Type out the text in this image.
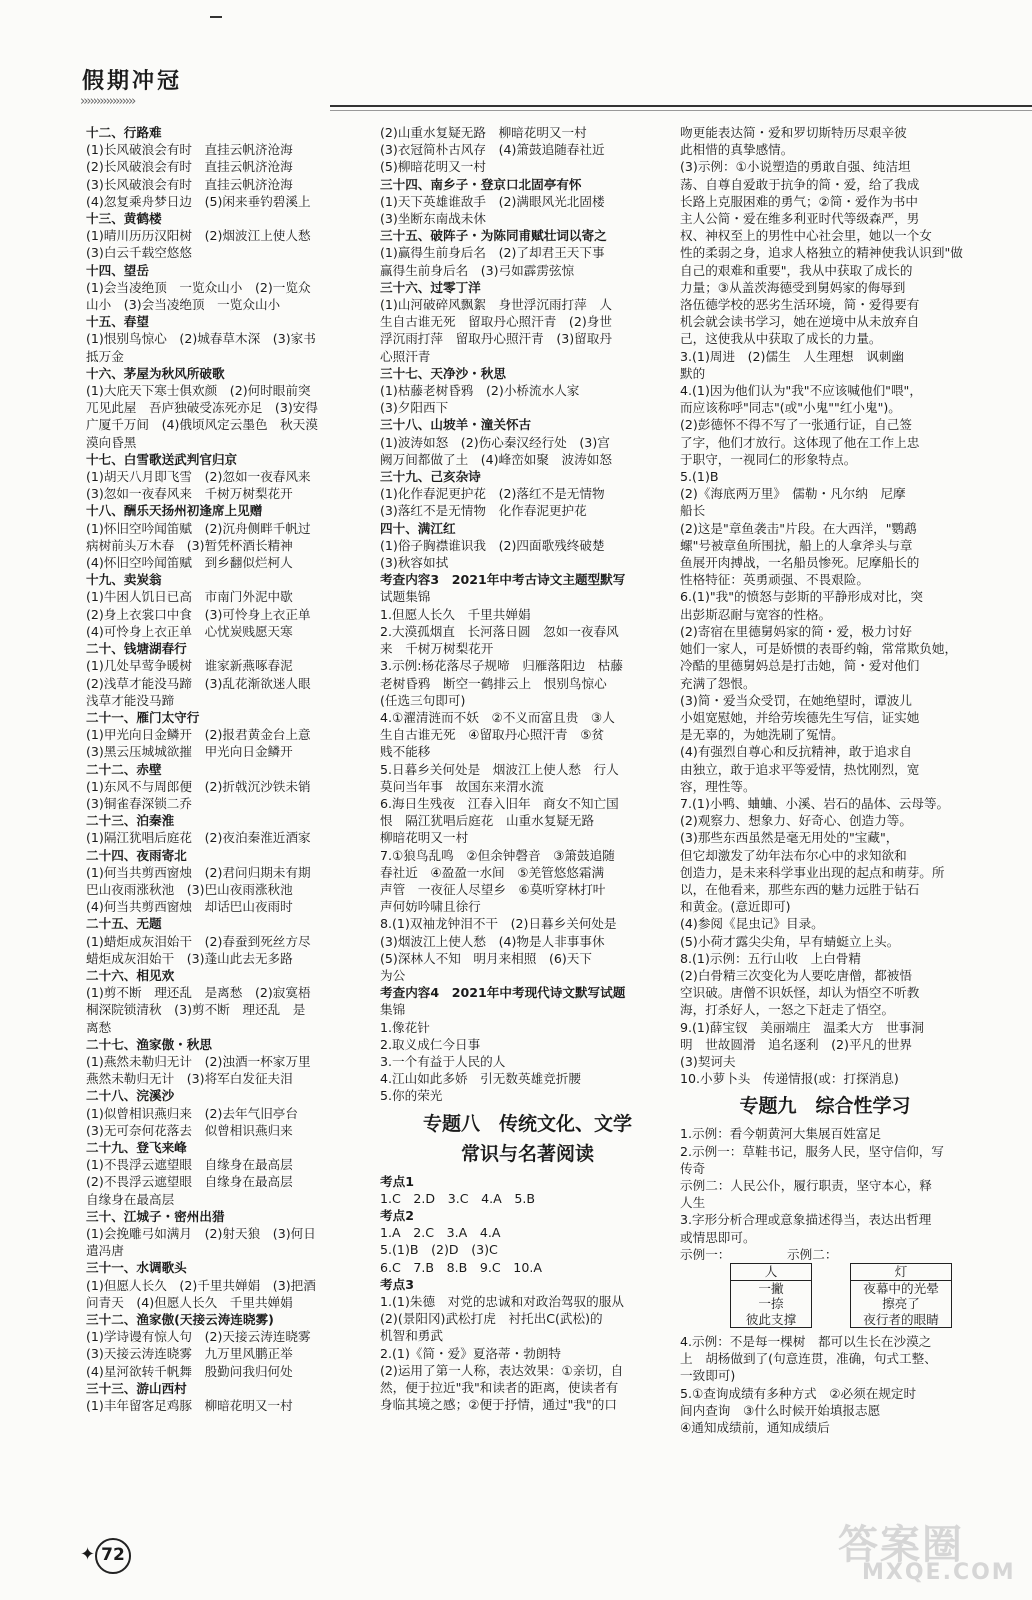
假期冲冠
›››››››››››››››››
十二、行路难
(1)长风破浪会有时　直挂云帆济沧海
(2)长风破浪会有时　直挂云帆济沧海
(3)长风破浪会有时　直挂云帆济沧海
(4)忽复乘舟梦日边　(5)闲来垂钓碧溪上
十三、黄鹤楼
(1)晴川历历汉阳树　(2)烟波江上使人愁
(3)白云千载空悠悠
十四、望岳
(1)会当凌绝顶　一览众山小　(2)一览众
山小　(3)会当凌绝顶　一览众山小
十五、春望
(1)恨别鸟惊心　(2)城春草木深　(3)家书
抵万金
十六、茅屋为秋风所破歌
(1)大庇天下寒士俱欢颜　(2)何时眼前突
兀见此屋　吾庐独破受冻死亦足　(3)安得
广厦千万间　(4)俄顷风定云墨色　秋天漠
漠向昏黑
十七、白雪歌送武判官归京
(1)胡天八月即飞雪　(2)忽如一夜春风来
(3)忽如一夜春风来　千树万树梨花开
十八、酬乐天扬州初逢席上见赠
(1)怀旧空吟闻笛赋　(2)沉舟侧畔千帆过
病树前头万木春　(3)暂凭杯酒长精神
(4)怀旧空吟闻笛赋　到乡翻似烂柯人
十九、卖炭翁
(1)牛困人饥日已高　市南门外泥中歇
(2)身上衣裳口中食　(3)可怜身上衣正单
(4)可怜身上衣正单　心忧炭贱愿天寒
二十、钱塘湖春行
(1)几处早莺争暖树　谁家新燕啄春泥
(2)浅草才能没马蹄　(3)乱花渐欲迷人眼
浅草才能没马蹄
二十一、雁门太守行
(1)甲光向日金鳞开　(2)报君黄金台上意
(3)黑云压城城欲摧　甲光向日金鳞开
二十二、赤壁
(1)东风不与周郎便　(2)折戟沉沙铁未销
(3)铜雀春深锁二乔
二十三、泊秦淮
(1)隔江犹唱后庭花　(2)夜泊秦淮近酒家
二十四、夜雨寄北
(1)何当共剪西窗烛　(2)君问归期未有期
巴山夜雨涨秋池　(3)巴山夜雨涨秋池
(4)何当共剪西窗烛　却话巴山夜雨时
二十五、无题
(1)蜡炬成灰泪始干　(2)春蚕到死丝方尽
蜡炬成灰泪始干　(3)蓬山此去无多路
二十六、相见欢
(1)剪不断　理还乱　是离愁　(2)寂寞梧
桐深院锁清秋　(3)剪不断　理还乱　是
离愁
二十七、渔家傲・秋思
(1)燕然未勒归无计　(2)浊酒一杯家万里
燕然未勒归无计　(3)将军白发征夫泪
二十八、浣溪沙
(1)似曾相识燕归来　(2)去年气旧亭台
(3)无可奈何花落去　似曾相识燕归来
二十九、登飞来峰
(1)不畏浮云遮望眼　自缘身在最高层
(2)不畏浮云遮望眼　自缘身在最高层
自缘身在最高层
三十、江城子・密州出猎
(1)会挽雕弓如满月　(2)射天狼　(3)何日
遣冯唐
三十一、水调歌头
(1)但愿人长久　(2)千里共婵娟　(3)把酒
问青天　(4)但愿人长久　千里共婵娟
三十二、渔家傲(天接云涛连晓雾)
(1)学诗谩有惊人句　(2)天接云涛连晓雾
(3)天接云涛连晓雾　九万里风鹏正举
(4)星河欲转千帆舞　殷勤问我归何处
三十三、游山西村
(1)丰年留客足鸡豚　柳暗花明又一村
(2)山重水复疑无路　柳暗花明又一村
(3)衣冠简朴古风存　(4)箫鼓追随春社近
(5)柳暗花明又一村
三十四、南乡子・登京口北固亭有怀
(1)天下英雄谁敌手　(2)满眼风光北固楼
(3)坐断东南战未休
三十五、破阵子・为陈同甫赋壮词以寄之
(1)赢得生前身后名　(2)了却君王天下事
赢得生前身后名　(3)弓如霹雳弦惊
三十六、过零丁洋
(1)山河破碎风飘絮　身世浮沉雨打萍　人
生自古谁无死　留取丹心照汗青　(2)身世
浮沉雨打萍　留取丹心照汗青　(3)留取丹
心照汗青
三十七、天净沙・秋思
(1)枯藤老树昏鸦　(2)小桥流水人家
(3)夕阳西下
三十八、山坡羊・潼关怀古
(1)波涛如怒　(2)伤心秦汉经行处　(3)宫
阙万间都做了土　(4)峰峦如聚　波涛如怒
三十九、己亥杂诗
(1)化作春泥更护花　(2)落红不是无情物
(3)落红不是无情物　化作春泥更护花
四十、满江红
(1)俗子胸襟谁识我　(2)四面歌残终破楚
(3)秋容如拭
考查内容3　2021年中考古诗文主题型默写
试题集锦
1.但愿人长久　千里共婵娟
2.大漠孤烟直　长河落日圆　忽如一夜春风
来　千树万树梨花开
3.示例:杨花落尽子规啼　归雁落阳边　枯藤
老树昏鸦　断空一鹤排云上　恨别鸟惊心
(任选三句即可)
4.①濯清涟而不妖　②不义而富且贵　③人
生自古谁无死　④留取丹心照汗青　⑤贫
贱不能移
5.日暮乡关何处是　烟波江上使人愁　行人
莫问当年事　故国东来渭水流
6.海日生残夜　江春入旧年　商女不知亡国
恨　隔江犹唱后庭花　山重水复疑无路
柳暗花明又一村
7.①狼鸟乱鸣　②但余钟磬音　③箫鼓追随
春社近　④盈盈一水间　⑤羌管悠悠霜满
声管　一夜征人尽望乡　⑥莫听穿林打叶
声何妨吟啸且徐行
8.(1)双袖龙钟泪不干　(2)日暮乡关何处是
(3)烟波江上使人愁　(4)物是人非事事休
(5)深林人不知　明月来相照　(6)天下
为公
考查内容4　2021年中考现代诗文默写试题
集锦
1.像花针
2.取义成仁今日事
3.一个有益于人民的人
4.江山如此多娇　引无数英雄竞折腰
5.你的荣光
专题八　传统文化、文学
常识与名著阅读
考点1
1.C　2.D　3.C　4.A　5.B
考点2
1.A　2.C　3.A　4.A
5.(1)B　(2)D　(3)C
6.C　7.B　8.B　9.C　10.A
考点3
1.(1)朱德　对党的忠诚和对政治驾驭的服从
(2)(景阳冈)武松打虎　衬托出C(武松)的
机智和勇武
2.(1)《简・爱》夏洛蒂・勃朗特
(2)运用了第一人称，表达效果：①亲切，自
然，便于拉近"我"和读者的距离，使读者有
身临其境之感；②便于抒情，通过"我"的口
吻更能表达简・爱和罗切斯特历尽艰辛彼
此相惜的真挚感情。
(3)示例：①小说塑造的勇敢自强、纯洁坦
荡、自尊自爱敢于抗争的简・爱，给了我成
长路上克服困难的勇气；②简・爱作为书中
主人公简・爱在维多利亚时代等级森严，男
权、神权至上的男性中心社会里，她以一个女
性的柔弱之身，追求人格独立的精神使我认识到"做
自己的艰难和重要"，我从中获取了成长的
力量；③从盖茨海德受到舅妈家的侮辱到
洛伍德学校的恶劣生活环境，简・爱得要有
机会就会读书学习，她在逆境中从未放弃自
己，这使我从中获取了成长的力量。
3.(1)周进　(2)儒生　人生理想　讽刺幽
默的
4.(1)因为他们认为"我"不应该喊他们"喂"，
而应该称呼"同志"(或"小鬼""红小鬼")。
(2)彭德怀不得不写了一张通行证，自己签
了字，他们才放行。这体现了他在工作上忠
于职守，一视同仁的形象特点。
5.(1)B
(2)《海底两万里》　儒勒・凡尔纳　尼摩
船长
(2)这是"章鱼袭击"片段。在大西洋，"鹦鹉
螺"号被章鱼所围扰，船上的人拿斧头与章
鱼展开肉搏战，一名船员惨死。尼摩船长的
性格特征：英勇顽强、不畏艰险。
6.(1)"我"的愤怒与彭斯的平静形成对比，突
出彭斯忍耐与宽容的性格。
(2)寄宿在里德舅妈家的简・爱，极力讨好
她们一家人，可是娇惯的表哥约翰，常常欺负她，
冷酷的里德舅妈总是打击她，简・爱对他们
充满了怨恨。
(3)简・爱当众受罚，在她绝望时，谭波儿
小姐宽慰她，并给劳埃德先生写信，证实她
是无辜的，为她洗刷了冤情。
(4)有强烈自尊心和反抗精神，敢于追求自
由独立，敢于追求平等爱情，热忱刚烈，宽
容，理性等。
7.(1)小鸭、蛐蛐、小溪、岩石的晶体、云母等。
(2)观察力、想象力、好奇心、创造力等。
(3)那些东西虽然是毫无用处的"宝藏"，
但它却激发了幼年法布尔心中的求知欲和
创造力，是未来科学事业出现的起点和萌芽。所
以，在他看来，那些东西的魅力远胜于钻石
和黄金。(意近即可)
(4)参阅《昆虫记》目录。
(5)小荷才露尖尖角，早有蜻蜓立上头。
8.(1)示例：五行山收　上白骨精
(2)白骨精三次变化为人要吃唐僧，都被悟
空识破。唐僧不识妖怪，却认为悟空不听教
海，打杀好人，一怒之下赶走了悟空。
9.(1)薛宝钗　美丽端庄　温柔大方　世事洞
明　世故圆滑　追名逐利　(2)平凡的世界
(3)契诃夫
10.小萝卜头　传递情报(或：打探消息)
专题九　综合性学习
1.示例：看今朝黄河大集展百姓富足
2.示例一：草鞋书记，服务人民，坚守信仰，写
传奇
示例二：人民公仆，履行职责，坚守本心，释
人生
3.字形分析合理或意象描述得当，表达出哲理
或情思即可。
示例一：　　　　　示例二：
人
一撇
一捺
彼此支撑
灯
夜幕中的光晕
擦亮了
夜行者的眼睛
4.示例：不是每一棵树　都可以生长在沙漠之
上　胡杨做到了(句意连贯，准确，句式工整、
一致即可)
5.①查询成绩有多种方式　②必须在规定时
间内查询　③什么时候开始填报志愿
④通知成绩前，通知成绩后
✦ 72	答案圈
MXQE.COM
